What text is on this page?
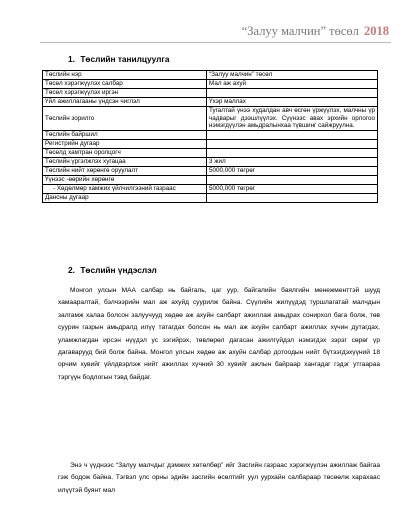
“Залуу малчин” төсөл 2018
1. Төслийн танилцуулга
Төслийн нэр	“Залуу малчин” төсөл
Төсөл хэрэгжүүлэх салбар	Мал аж ахуй
Төсөл хэрэгжүүлэх иргэн	
Үйл ажиллагааны үндсэн чиглэл	Үхэр маллах
Төслийн зорилго	Тугалтай үнээ худалдан авч өсгөн үржүүлэх, малчны үр чадварыг дээшлүүлэх. Сүүнээс авах эрхийн орлогоо нэмэгдүүлэн амьдралынхаа түвшинг сайжруулна.
Төслийн байршил	
Регистрийн дугаар	
Төсөлд хамтран оролцогч	
Төслийн үргэлжлэх хугацаа	3 жил
Төслийн нийт хөрөнгө оруулалт	5000,000 төгрөг
Үүнээс -өөрийн хөрөнгө	
- Хөдөлмөр хамжих үйлчилгээний газраас	5000,000 төгрөг
Дансны дугаар	
2. Төслийн үндэслэл

Монгол улсын МАА салбар нь байгаль, цаг уур, байгалийн баялгийн менежменттэй шууд хамааралтай, бэлчээрийн мал аж ахуйд суурилж байна. Сүүлийн жилүүдэд туршлагатай малчдын залгамж халаа болсон залуучууд хөдөө аж ахуйн салбарт ажиллаж амьдрах сонирхол бага болж, төв суурин газрын амьдралд илүү татагдах болсон нь мал аж ахуйн салбарт ажиллах хүчин дутагдах, уламжлагдан ирсэн нүүдэл ус зэгийрэх, төвлөрөл дагасан ажилгүйдэл нэмэгдэх зэрэг сөрөг үр дагаварууд бий болж байна. Монгол улсын хөдөө аж ахуйн салбар дотоодын нийт бүтээгдэхүүний 18 орчим хувийг үйлдвэрлэж нийт ажиллах хүчний 30 хувийг ажлын байраар хангадаг гэдэг утгаараа тэргүүн бодлогын тэвд байдаг.

Энэ ч үүднээс “Залуу малчдыг дэмжих хөтөлбөр” ийг Засгийн газраас хэрэгжүүлэн ажиллаж байгаа гэж бодож байна. Тэгвэл улс орны эдийн засгийн өсөлтийг уул уурхайн салбараар төсөөлж харахаас илүүтэй буянт мал
